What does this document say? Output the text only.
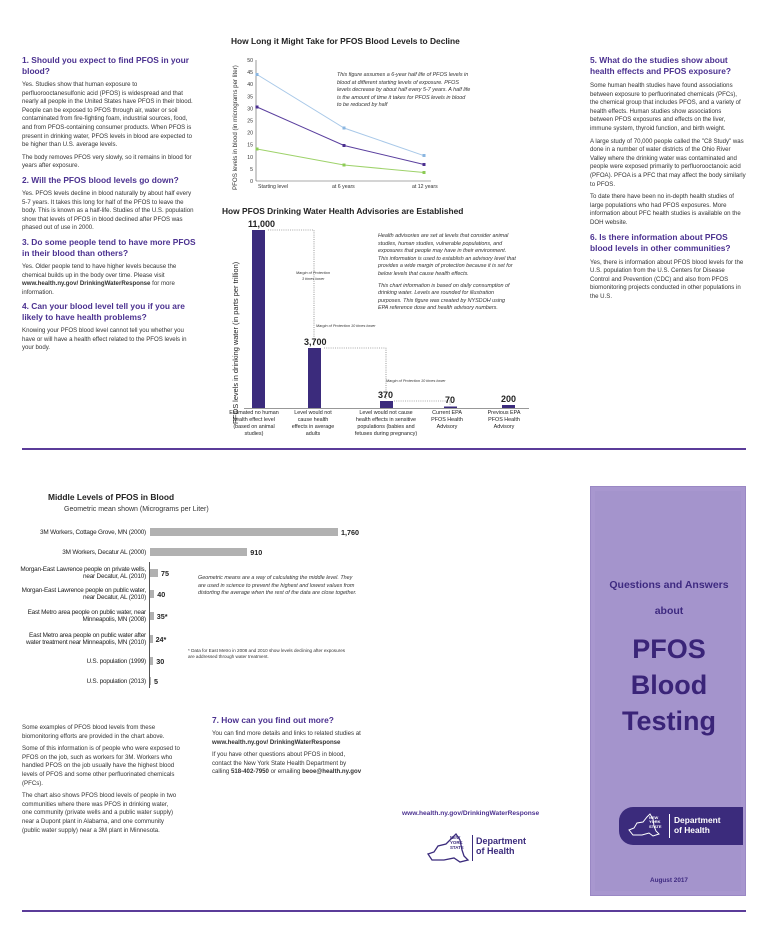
1. Should you expect to find PFOS in your blood?

Yes. Studies show that human exposure to perfluorooctanesulfonic acid (PFOS) is widespread and that nearly all people in the United States have PFOS in their blood. People can be exposed to PFOS through air, water or soil contaminated from fire-fighting foam, industrial sources, food, and from PFOS-containing consumer products. When PFOS is present in drinking water, PFOS levels in blood are expected to be higher than U.S. average levels.

The body removes PFOS very slowly, so it remains in blood for years after exposure.

2. Will the PFOS blood levels go down?

Yes. PFOS levels decline in blood naturally by about half every 5-7 years. It takes this long for half of the PFOS to leave the body. This is known as a half-life. Studies of the U.S. population show that levels of PFOS in blood declined after PFOS was phased out of use in 2000.

3. Do some people tend to have more PFOS in their blood than others?

Yes. Older people tend to have higher levels because the chemical builds up in the body over time. Please visit www.health.ny.gov/ DrinkingWaterResponse for more information.

4. Can your blood level tell you if you are likely to have health problems?

Knowing your PFOS blood level cannot tell you whether you have or will have a health effect related to the PFOS levels in your body.

How Long it Might Take for PFOS Blood Levels to Decline
50
45
40
35
30
25
20
15
10
5
0
Starting level	at 6 years	at 12 years
PFOS levels in blood (in micrograms per liter)	This figure assumes a 6-year half life of PFOS levels in blood at different starting levels of exposure. PFOS levels decrease by about half every 5-7 years. A half life is the amount of time it takes for PFOS levels in blood to be reduced by half
How PFOS Drinking Water Health Advisories are Established
PFOS levels in drinking water (in parts per trillion)
11,000
3,700
370	70	200
Margin of Protection
3 times lower
Margin of Protection 10 times lower
Margin of Protection 10 times lower
Estimated no human health effect level (based on animal studies)
Level would not cause health effects in average adults
Level would not cause health effects in sensitive populations (babies and fetuses during pregnancy)
Current EPA PFOS Health Advisory
Previous EPA PFOS Health Advisory

Health advisories are set at levels that consider animal studies, human studies, vulnerable populations, and exposures that people may have in their environment. This information is used to establish an advisory level that provides a wide margin of protection because it is set for below levels that cause health effects.

This chart information is based on daily consumption of drinking water. Levels are rounded for illustration purposes. This figure was created by NYSDOH using EPA reference dose and health advisory numbers.

5. What do the studies show about health effects and PFOS exposure?

Some human health studies have found associations between exposure to perfluorinated chemicals (PFCs), the chemical group that includes PFOS, and a variety of health effects. Human studies show associations between PFOS exposures and effects on the liver, immune system, thyroid function, and birth weight.

A large study of 70,000 people called the "C8 Study" was done in a number of water districts of the Ohio River Valley where the drinking water was contaminated and people were exposed primarily to perfluorooctanoic acid (PFOA). PFOA is a PFC that may affect the body similarly to PFOS.

To date there have been no in-depth health studies of large populations who had PFOS exposures. More information about PFC health studies is available on the DOH website.

6. Is there information about PFOS blood levels in other communities?

Yes, there is information about PFOS blood levels for the U.S. population from the U.S. Centers for Disease Control and Prevention (CDC) and also from PFOS biomonitoring projects conducted in other populations in the U.S.

Middle Levels of PFOS in Blood
Geometric mean shown (Micrograms per Liter)
3M Workers, Cottage Grove, MN (2000)	1,760
3M Workers, Decatur AL (2000)	910
Morgan-East Lawrence people on private wells, near Decatur, AL (2010) 75
Morgan-East Lawrence people on public water, near Decatur, AL (2010) 40
East Metro area people on public water, near Minneapolis, MN (2008) 35*
East Metro area people on public water after water treatment near Minneapolis, MN (2010) 24*
U.S. population (1999) 30
U.S. population (2013) 5
Geometric means are a way of calculating the middle level. They are used in science to prevent the highest and lowest values from distorting the average when the rest of the data are close together.
* Data for East Metro in 2008 and 2010 show levels declining after exposures are addressed through water treatment.

Some examples of PFOS blood levels from these biomonitoring efforts are provided in the chart above.

Some of this information is of people who were exposed to PFOS on the job, such as workers for 3M. Workers who handled PFOS on the job usually have the highest blood levels of PFOS and some other perfluorinated chemicals (PFCs).

The chart also shows PFOS blood levels of people in two communities where there was PFOS in drinking water, one community (private wells and a public water supply) near a Dupont plant in Alabama, and one community (public water supply) near a 3M plant in Minnesota.

7. How can you find out more?

You can find more details and links to related studies at www.health.ny.gov/ DrinkingWaterResponse

If you have other questions about PFOS in blood, contact the New York State Health Department by calling 518-402-7950 or emailing beoe@health.ny.gov

www.health.ny.gov/DrinkingWaterResponse
NEW
YORK
STATE
Department
of Health
Questions and Answers
about
PFOS
Blood
Testing
NEW
YORK
STATE
Department
of Health
August 2017
